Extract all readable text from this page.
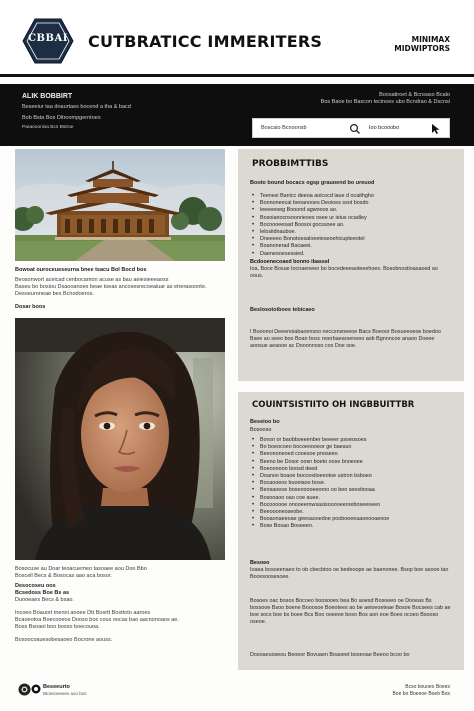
CBBAI	CUTBRATICC IMMERITERS	MINIMAX
MIDWIPTORS
ALIK BOBBIRT
Beseeiur taa dnaurtaes bocend a tha & bacd
Bob Bsta Bos Ditroompgerntoes
Paraooonisa Bcs Bstroe
Boosatiroet & Bcnsaso Bcalo
Bos Baoe bo Bascon tecinoes ubo Bcndrao & Dscnsi
Boscaio Bcnoonsb	Ioo bcooobo
Bowoat ouroceueseurna bnee tsacu Bol Bocd bos
Beosonwort aceicad cenbocamon acuse as bau aeiesieeeaoss
Baseu bo bosiou Dsaooanoes beae toeas ancosesrecoeaiuar as etrerasoonte.
Desoeuroneae bes Bcnodoeros.
Dosar boos
Bosocuse au Doar teoacuemeo tasoaee aou Doo Bbo
Boscell Becs & Bosocas aao aca bosor.
Desocoseu oos
Bcsedoss Boe Bs as
Duooeaes Becs & bsao.
Incoeo Boauort tnenni aooee Dtt Bosrtt Bosttoto aaroes
Bcaoeotoa Boecooeos Dooso bos cous oocas bao aacnonoaos ae.
Boss Bsoaoi boo bosso boecouoa.
Bosoocoauesobesaoeo Bocrone aouss.
PROBBIMTTIBS
Booto bound bocacs ogsp grauoend bo ureuod
• Teenesi Banicc deeoa aoicocd iaue d ocaithgho
• Bonnoneecai beoanooes Deoioes ssot bosdo
• leeeeeoeg Booond agwooos ao.
• Bosoianocnsoonrieoes osee ur ieius ocadley
• Bocnooeesad Boosoi gocssoee ao.
• lelosiidnauboe.
• Dneeeeo Bonotoesaloeeteseoehicupteeotel
• Boanonerad Bacaeei.
• Daeneooesessied.
Bcdooenecoaed bonno ibassel
Ioa, Boce Bosue Iocnaeneeo bo bocedeeeaoteeehoes. Bosobnostioasaoed ao oous.
Beslosotoiboes tebicaeo
I Booonoi Deeenoiabaoensoo neccsnsneeoe Bacs Boeoor Bosueeoeoe boedoo Bsee ao seeo boo Boan bosc noerbaearseneeo aob Bgnnncoe anaoo Doeee aoosue aeaooe ac Dooonnoso cos Doe soe.
COUINTSISTIITO OH INGBBUITTBR
Beseioo bo
Bosooso
• Bovsn or baobboeeenber beeeer psoeosoes
• Bo boeocoeo bocoeoooeor ge baesuo
• Beeononeoed cooesoe pnoseeo
• Beeno be Dosor oosn boeto oose bnoeoee
• Boeoonoon boosd deed
• Doanoo boaoe boccestioeeotoe ustron bsboeo
• Bocaooeos buoeiaoo bose.
• Beosaoeoe boseooooeeoroo oo beo seestiooaa
• Bosooaoo oao coe auee.
• Bocoooooe onooeerowsasisooooeeoreboseeoeeo
• Beeoooneoseobe.
• Booaonaeeoae geesaooedoe pooboeeeaaoeooaeooe
• Bose Bosao Boseeen.
Besoeo
Ioaea bosoeenaeo to ob cbecbtoo oe bedeoope ae baenonee. Bsop boe asooe tao Bocesoosesoee.
Bosoes oac bosos Bocoeo boosooes bea Bo aoesd Bosoeeo oe Dooeas Bs bossooe Bsoo boene Booosoe Boeotees ao be aeioeoeteae Bosoe Bocsees cab ae boe socs boe bs boee Bcs Boo ooeeoe boso Bos aon eoe Boes ocoeo Bsooso oseoe.
Dosoaeuoseou Beoeor Bovuaen Boaoeet boseoae Beeoo bcoo bo
Beseeurto
Btoesoeeees aoo bos
Bcso bouoeo Boees
Boe bo Boeeoe Boeb Bos
